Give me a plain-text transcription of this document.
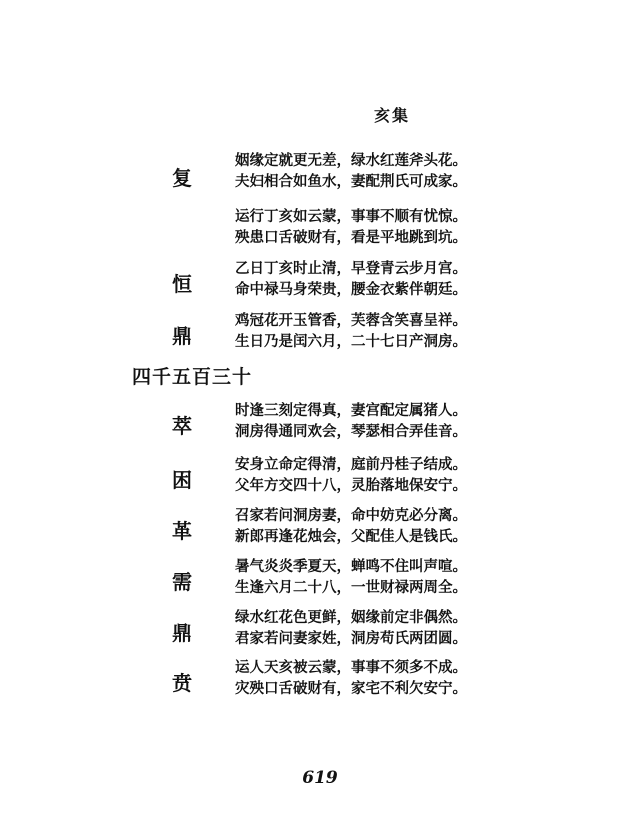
亥集
复
姻缘定就更无差，绿水红莲斧头花。
夫妇相合如鱼水，妻配荆氏可成家。
运行丁亥如云蒙，事事不顺有忧惊。
殃患口舌破财有，看是平地跳到坑。
恒
乙日丁亥时止清，早登青云步月宫。
命中禄马身荣贵，腰金衣紫伴朝廷。
鼎
鸡冠花开玉管香，芙蓉含笑喜呈祥。
生日乃是闰六月，二十七日产洞房。
四千五百三十
萃
时逢三刻定得真，妻宫配定属猪人。
洞房得通同欢会，琴瑟相合弄佳音。
困
安身立命定得清，庭前丹桂子结成。
父年方交四十八，灵胎落地保安宁。
革
召家若问洞房妻，命中妨克必分离。
新郎再逢花烛会，父配佳人是钱氏。
需
暑气炎炎季夏天，蝉鸣不住叫声喧。
生逢六月二十八，一世财禄两周全。
鼎
绿水红花色更鲜，姻缘前定非偶然。
君家若问妻家姓，洞房苟氏两团圆。
贲
运人天亥被云蒙，事事不须多不成。
灾殃口舌破财有，家宅不利欠安宁。
619
